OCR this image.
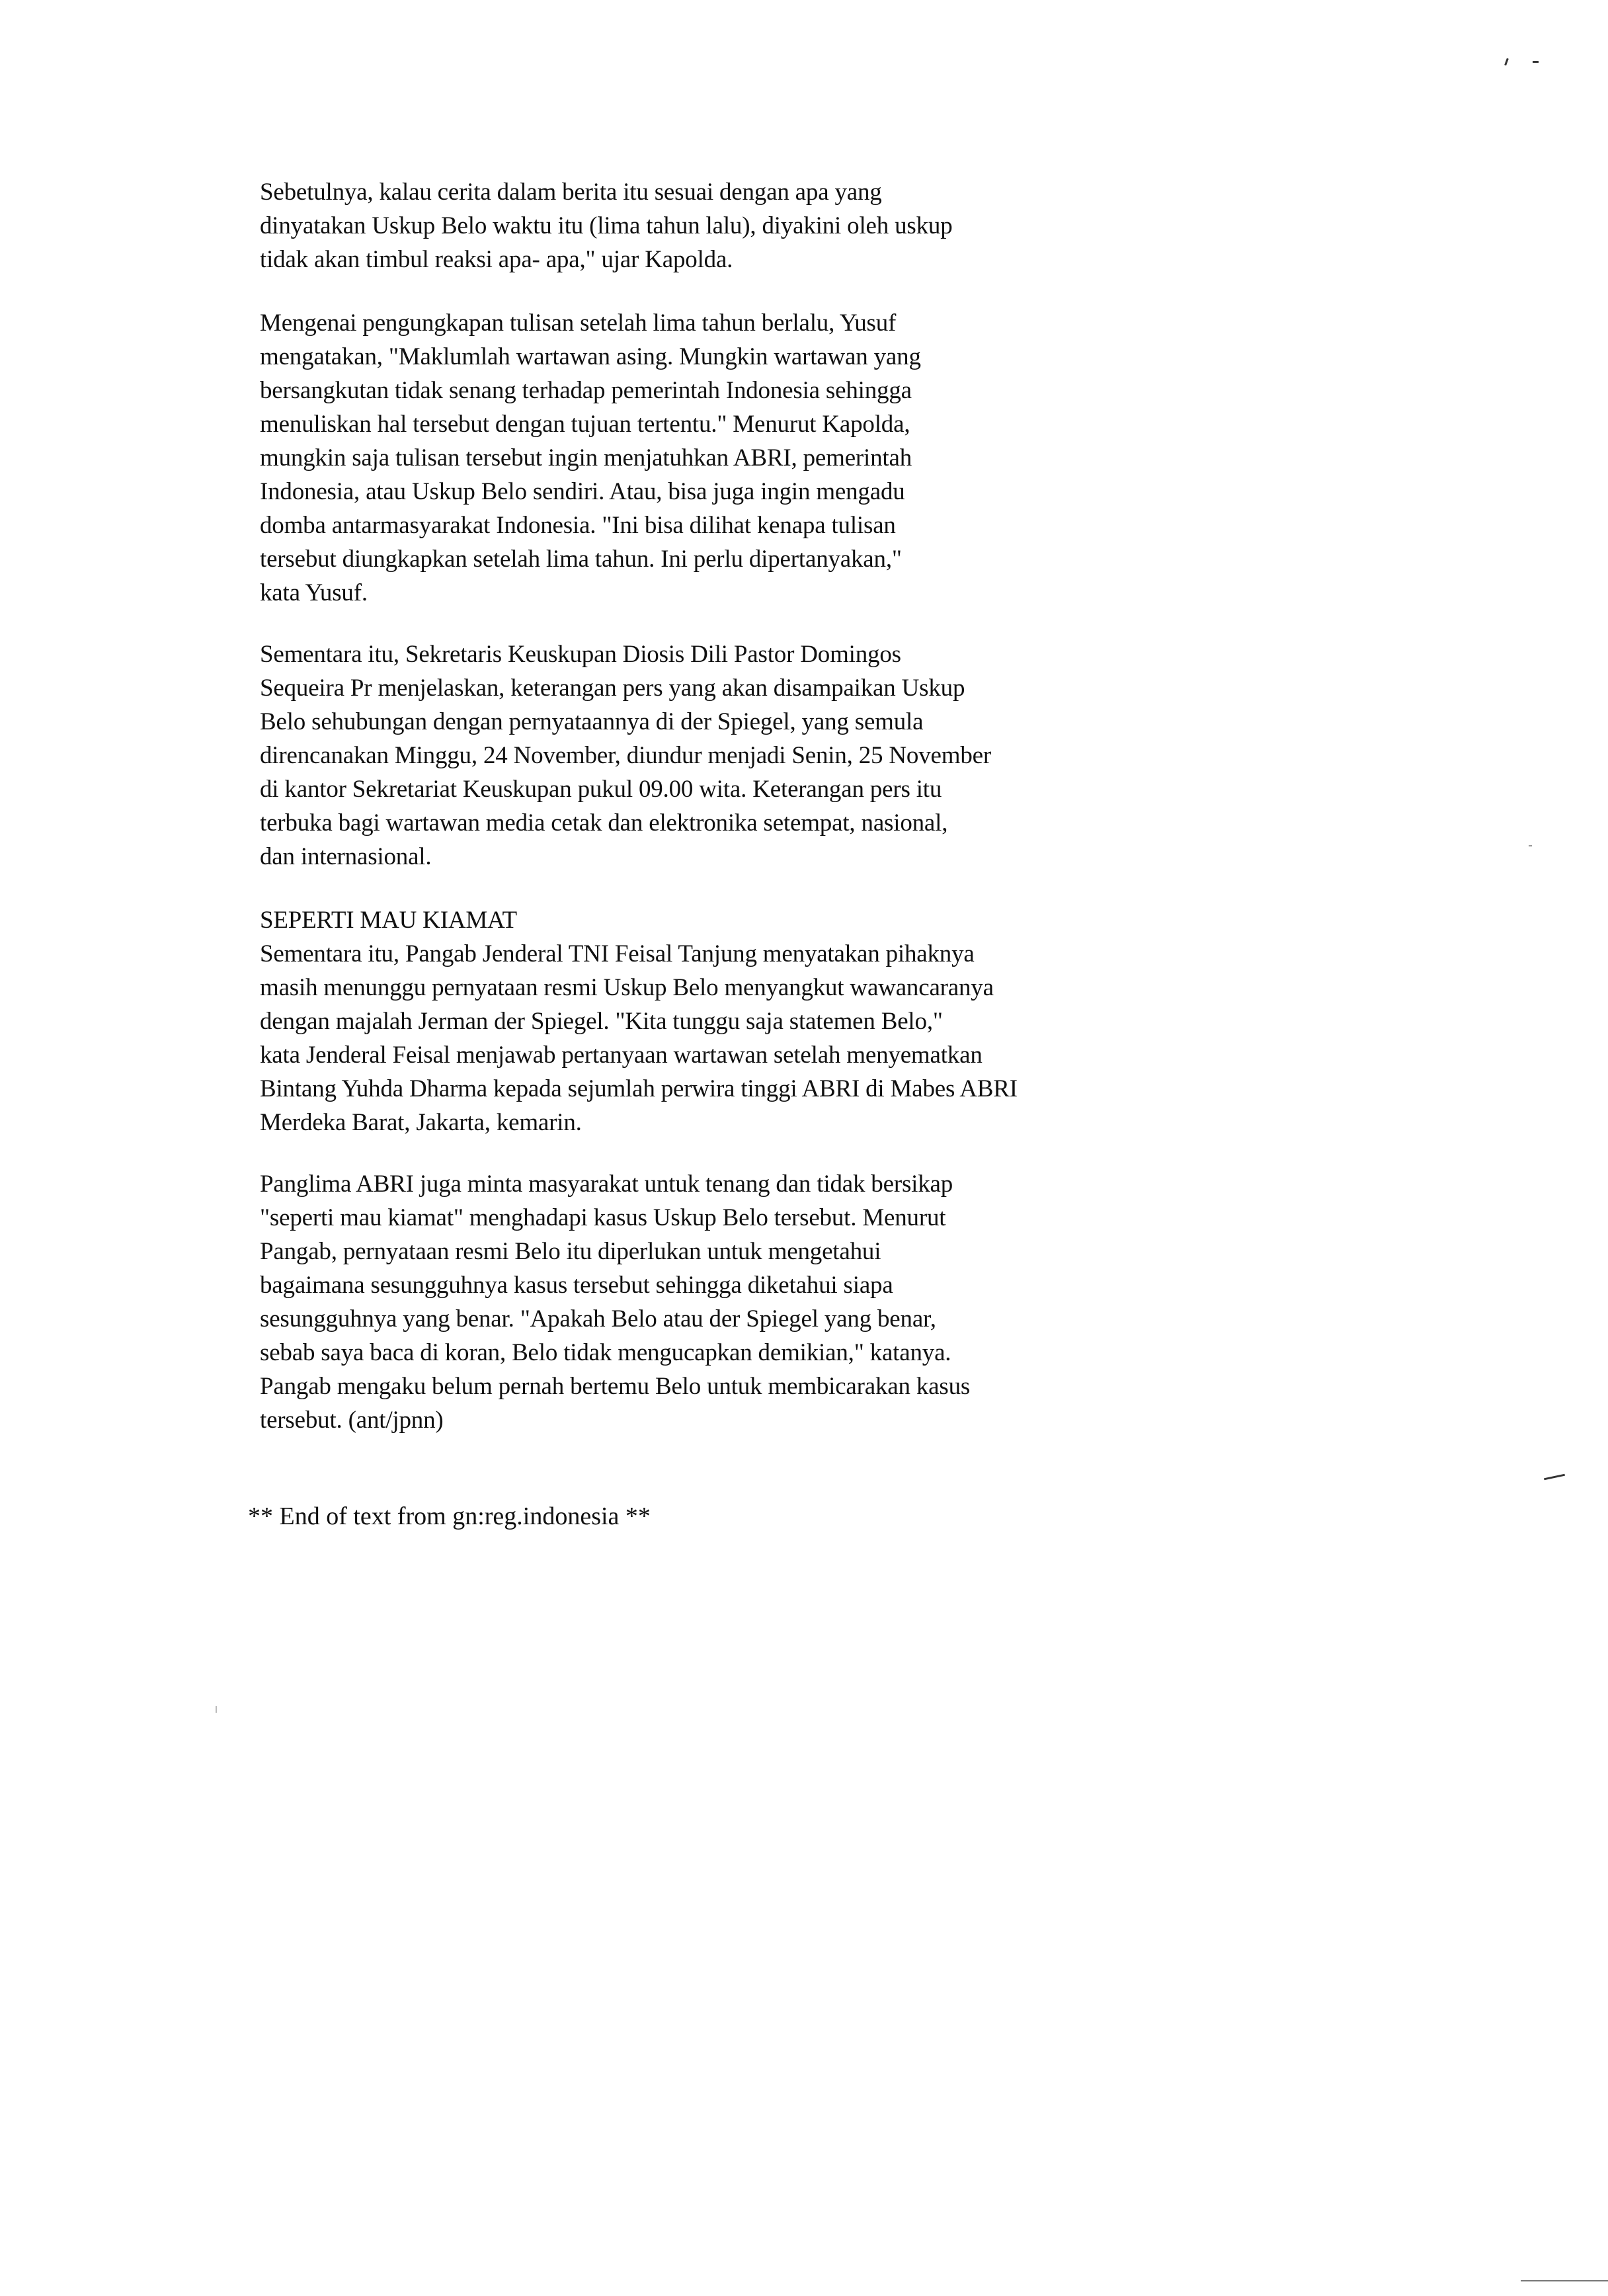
Sebetulnya, kalau cerita dalam berita itu sesuai dengan apa yang
dinyatakan Uskup Belo waktu itu (lima tahun lalu), diyakini oleh uskup
tidak akan timbul reaksi apa- apa," ujar Kapolda.
Mengenai pengungkapan tulisan setelah lima tahun berlalu, Yusuf
mengatakan, "Maklumlah wartawan asing. Mungkin wartawan yang
bersangkutan tidak senang terhadap pemerintah Indonesia sehingga
menuliskan hal tersebut dengan tujuan tertentu." Menurut Kapolda,
mungkin saja tulisan tersebut ingin menjatuhkan ABRI, pemerintah
Indonesia, atau Uskup Belo sendiri. Atau, bisa juga ingin mengadu
domba antarmasyarakat Indonesia. "Ini bisa dilihat kenapa tulisan
tersebut diungkapkan setelah lima tahun. Ini perlu dipertanyakan,"
kata Yusuf.
Sementara itu, Sekretaris Keuskupan Diosis Dili Pastor Domingos
Sequeira Pr menjelaskan, keterangan pers yang akan disampaikan Uskup
Belo sehubungan dengan pernyataannya di der Spiegel, yang semula
direncanakan Minggu, 24 November, diundur menjadi Senin, 25 November
di kantor Sekretariat Keuskupan pukul 09.00 wita. Keterangan pers itu
terbuka bagi wartawan media cetak dan elektronika setempat, nasional,
dan internasional.
SEPERTI MAU KIAMAT
Sementara itu, Pangab Jenderal TNI Feisal Tanjung menyatakan pihaknya
masih menunggu pernyataan resmi Uskup Belo menyangkut wawancaranya
dengan majalah Jerman der Spiegel. "Kita tunggu saja statemen Belo,"
kata Jenderal Feisal menjawab pertanyaan wartawan setelah menyematkan
Bintang Yuhda Dharma kepada sejumlah perwira tinggi ABRI di Mabes ABRI
Merdeka Barat, Jakarta, kemarin.
Panglima ABRI juga minta masyarakat untuk tenang dan tidak bersikap
"seperti mau kiamat" menghadapi kasus Uskup Belo tersebut. Menurut
Pangab, pernyataan resmi Belo itu diperlukan untuk mengetahui
bagaimana sesungguhnya kasus tersebut sehingga diketahui siapa
sesungguhnya yang benar. "Apakah Belo atau der Spiegel yang benar,
sebab saya baca di koran, Belo tidak mengucapkan demikian," katanya.
Pangab mengaku belum pernah bertemu Belo untuk membicarakan kasus
tersebut. (ant/jpnn)
** End of text from gn:reg.indonesia **
